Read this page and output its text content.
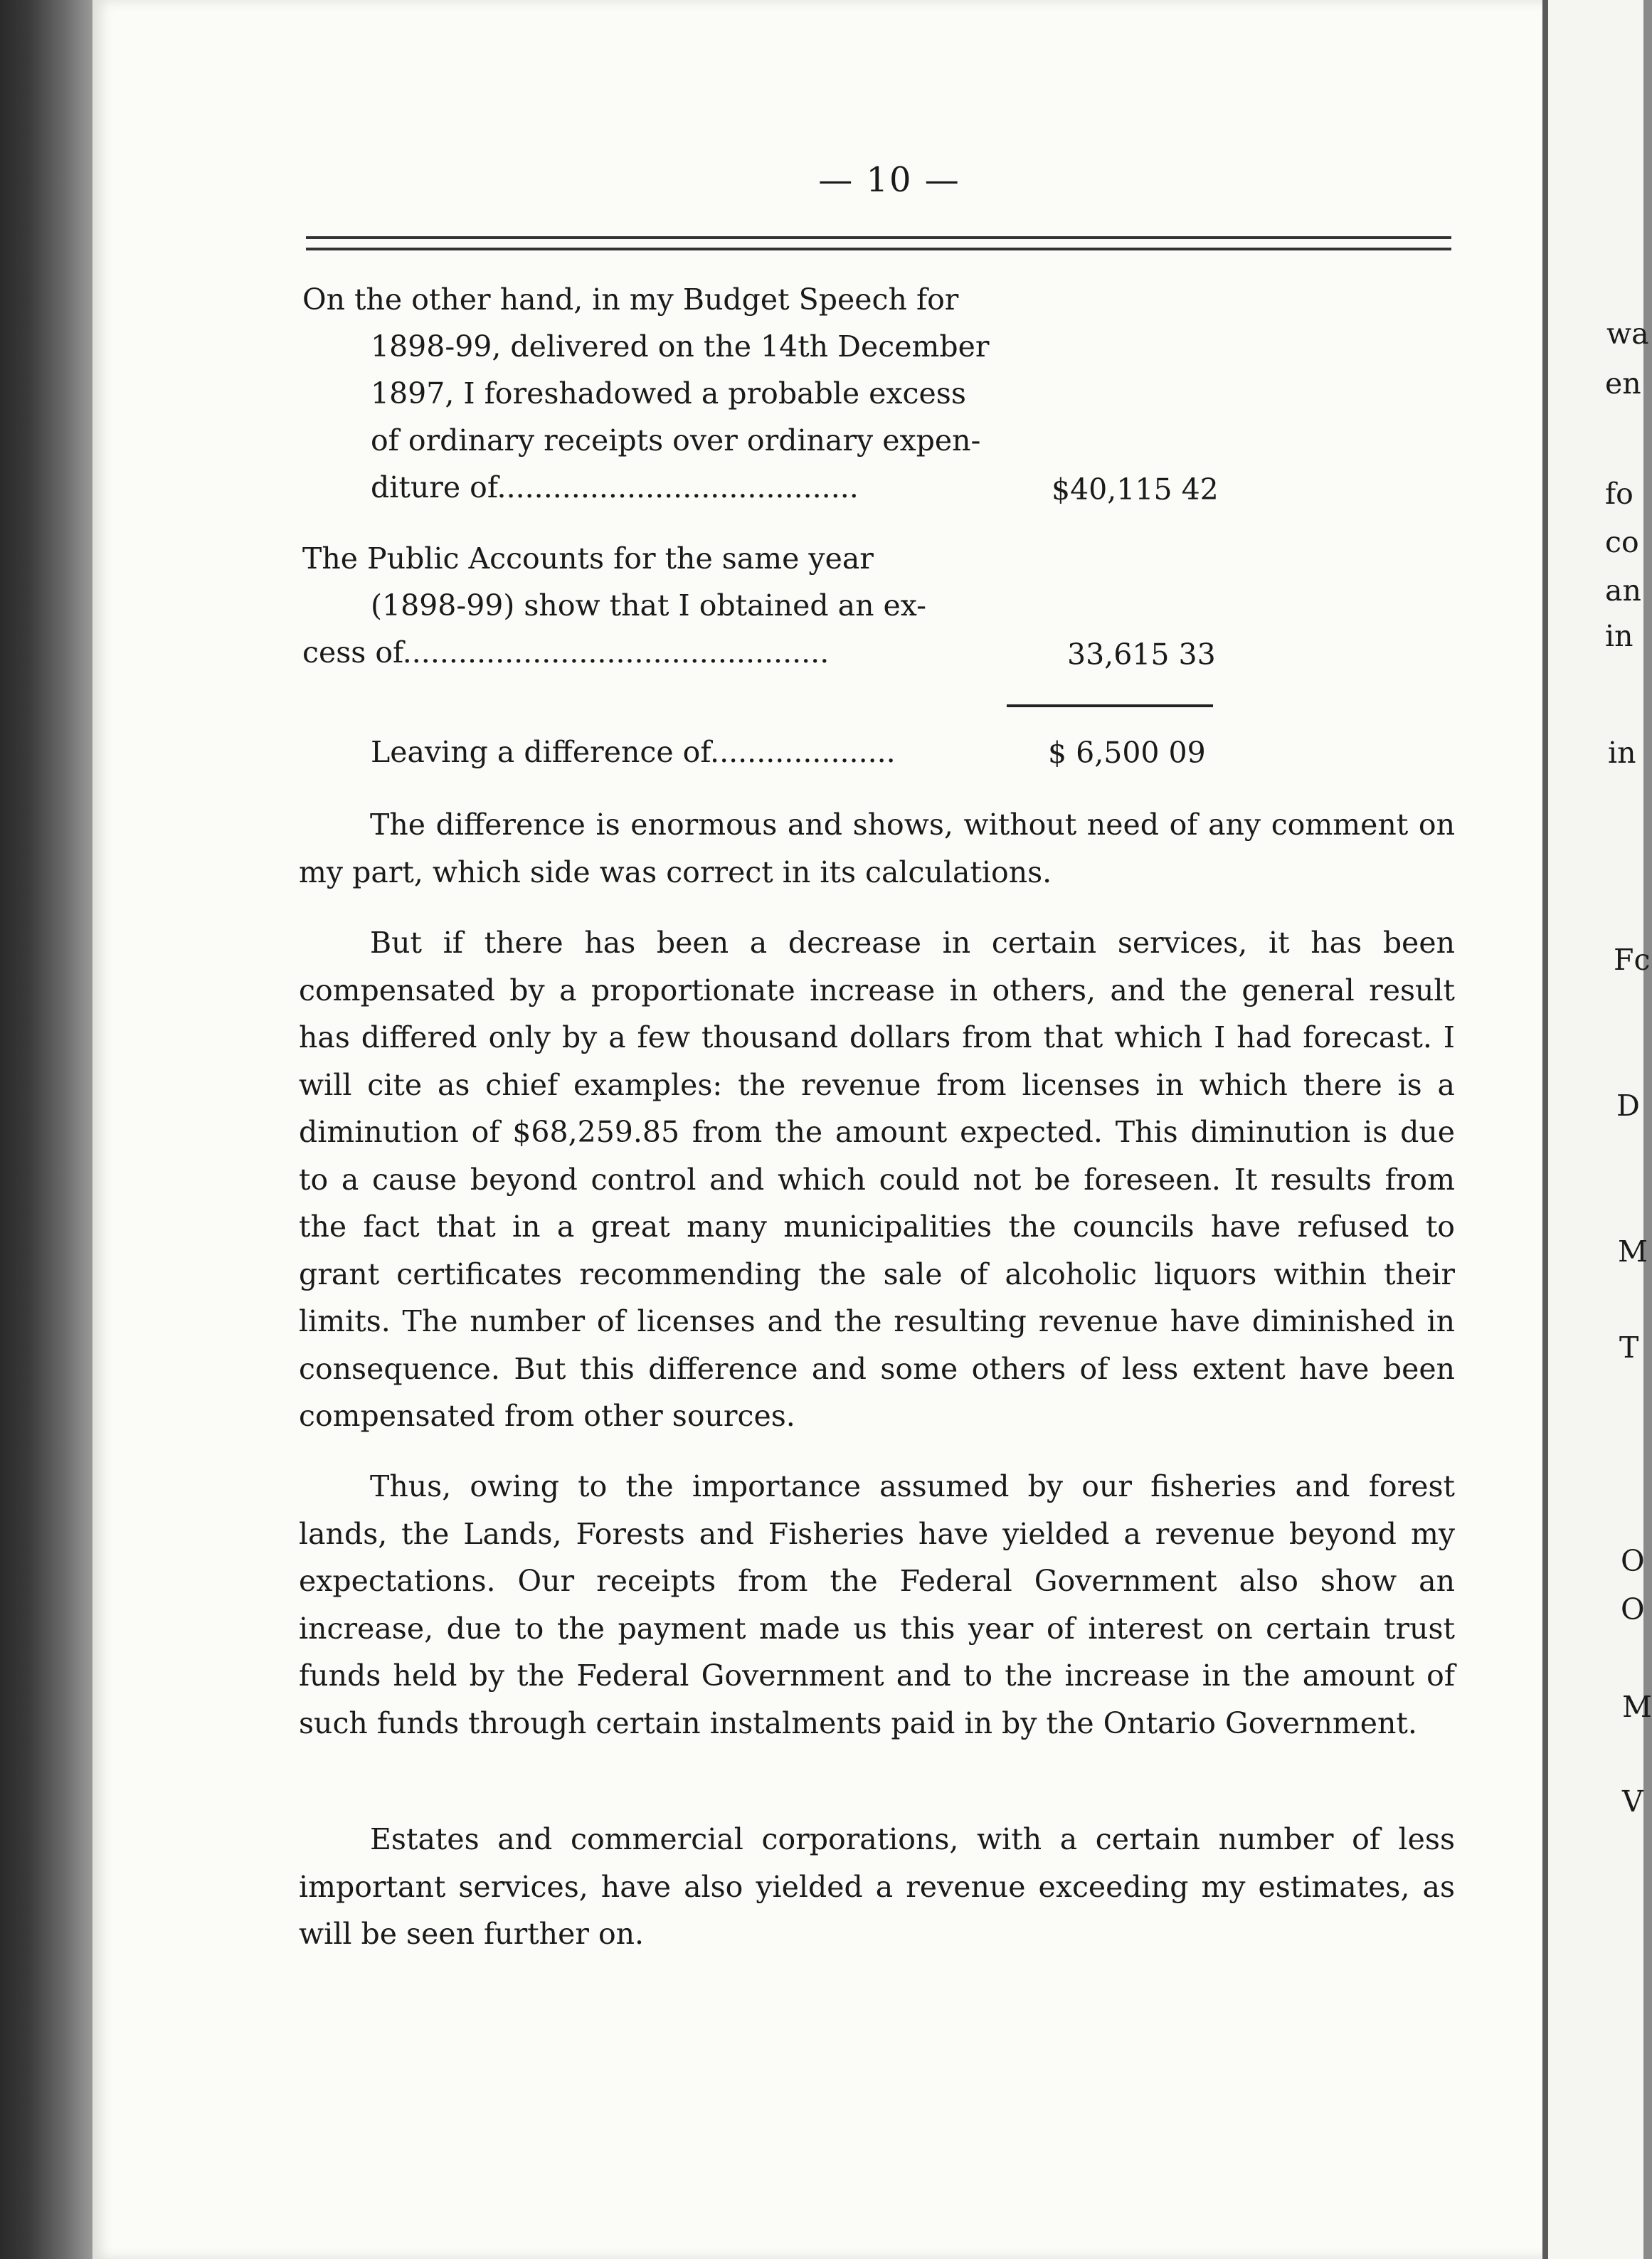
— 10 —
On the other hand, in my Budget Speech for
1898-99, delivered on the 14th December
1897, I foreshadowed a probable excess
of ordinary receipts over ordinary expen-
diture of.......................................	$40,115 42
The Public Accounts for the same year
(1898-99) show that I obtained an ex-
cess of..............................................	33,615 33
Leaving a difference of....................	$ 6,500 09
The difference is enormous and shows, without need of any comment on my part, which side was correct in its calculations.
But if there has been a decrease in certain services, it has been compensated by a proportionate increase in others, and the general result has differed only by a few thousand dollars from that which I had forecast. I will cite as chief examples: the revenue from licenses in which there is a diminution of $68,259.85 from the amount expected. This diminution is due to a cause beyond control and which could not be foreseen. It results from the fact that in a great many municipalities the councils have refused to grant certificates recommending the sale of alcoholic liquors within their limits. The number of licenses and the resulting revenue have diminished in consequence. But this difference and some others of less extent have been compensated from other sources.
Thus, owing to the importance assumed by our fisheries and forest lands, the Lands, Forests and Fisheries have yielded a revenue beyond my expectations. Our receipts from the Federal Government also show an increase, due to the payment made us this year of interest on certain trust funds held by the Federal Government and to the increase in the amount of such funds through certain instalments paid in by the Ontario Government.
Estates and commercial corporations, with a certain number of less important services, have also yielded a revenue exceeding my estimates, as will be seen further on.
wa
en
fo
co
an
in
in
Fc
D
M
T
O
O
M
V
